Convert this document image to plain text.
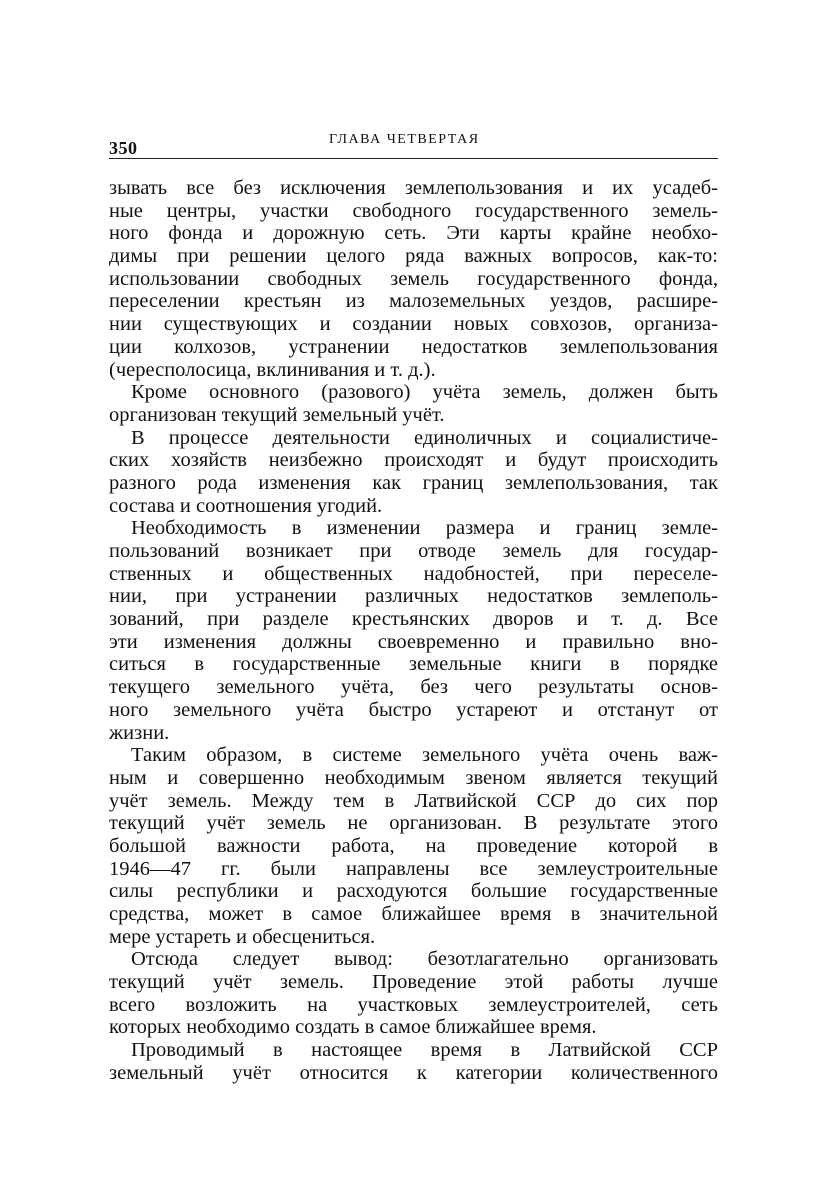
350	ГЛАВА ЧЕТВЕРТАЯ
зывать все без исключения землепользования и их усадеб-
ные центры, участки свободного государственного земель-
ного фонда и дорожную сеть. Эти карты крайне необхо-
димы при решении целого ряда важных вопросов, как-то:
использовании свободных земель государственного фонда,
переселении крестьян из малоземельных уездов, расшире-
нии существующих и создании новых совхозов, организа-
ции колхозов, устранении недостатков землепользования
(чересполосица, вклинивания и т. д.).
Кроме основного (разового) учёта земель, должен быть
организован текущий земельный учёт.
В процессе деятельности единоличных и социалистиче-
ских хозяйств неизбежно происходят и будут происходить
разного рода изменения как границ землепользования, так
состава и соотношения угодий.
Необходимость в изменении размера и границ земле-
пользований возникает при отводе земель для государ-
ственных и общественных надобностей, при переселе-
нии, при устранении различных недостатков землеполь-
зований, при разделе крестьянских дворов и т. д. Все
эти изменения должны своевременно и правильно вно-
ситься в государственные земельные книги в порядке
текущего земельного учёта, без чего результаты основ-
ного земельного учёта быстро устареют и отстанут от
жизни.
Таким образом, в системе земельного учёта очень важ-
ным и совершенно необходимым звеном является текущий
учёт земель. Между тем в Латвийской ССР до сих пор
текущий учёт земель не организован. В результате этого
большой важности работа, на проведение которой в
1946—47 гг. были направлены все землеустроительные
силы республики и расходуются большие государственные
средства, может в самое ближайшее время в значительной
мере устареть и обесцениться.
Отсюда следует вывод: безотлагательно организовать
текущий учёт земель. Проведение этой работы лучше
всего возложить на участковых землеустроителей, сеть
которых необходимо создать в самое ближайшее время.
Проводимый в настоящее время в Латвийской ССР
земельный учёт относится к категории количественного
